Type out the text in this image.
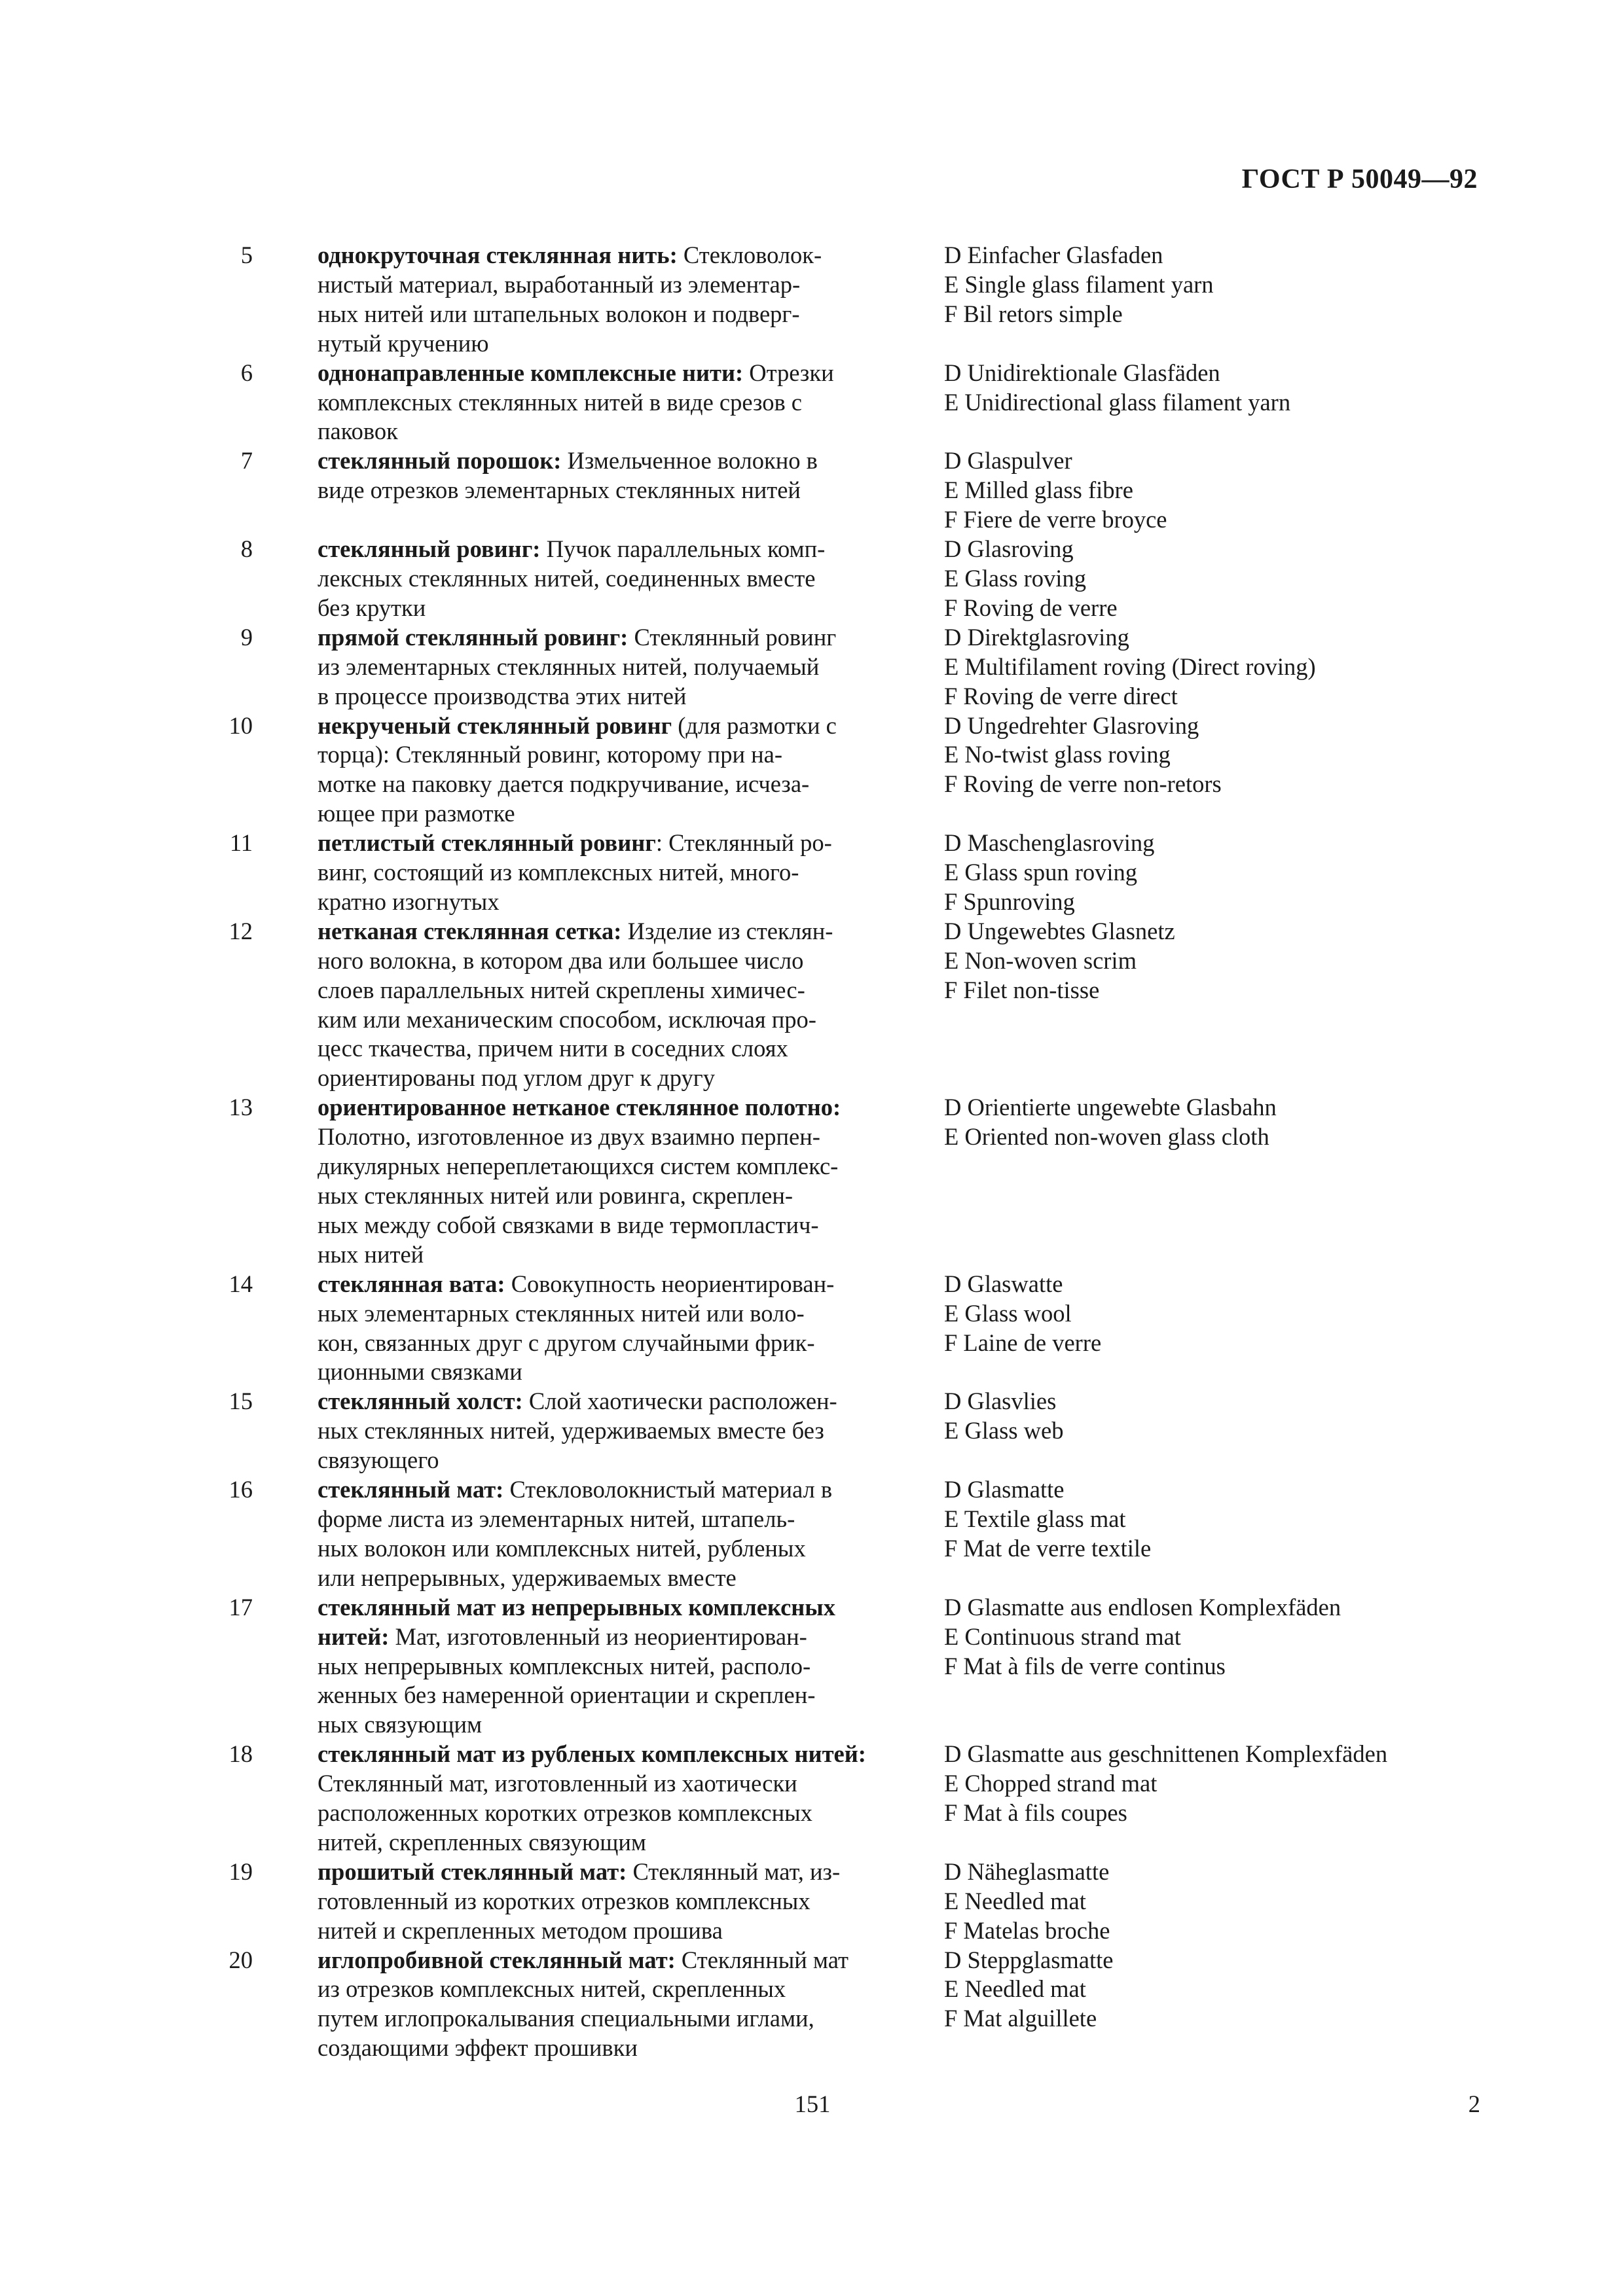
ГОСТ Р 50049—92
5	однокруточная стеклянная нить: Стекловолок-
нистый материал, выработанный из элементар-
ных нитей или штапельных волокон и подверг-
нутый кручению
D Einfacher Glasfaden
E Single glass filament yarn
F Bil retors simple
6	однонаправленные комплексные нити: Отрезки
комплексных стеклянных нитей в виде срезов с
паковок
D Unidirektionale Glasfäden
E Unidirectional glass filament yarn
7	стеклянный порошок: Измельченное волокно в
виде отрезков элементарных стеклянных нитей
D Glaspulver
E Milled glass fibre
F Fiere de verre broyce
8	стеклянный ровинг: Пучок параллельных комп-
лексных стеклянных нитей, соединенных вместе
без крутки
D Glasroving
E Glass roving
F Roving de verre
9	прямой стеклянный ровинг: Стеклянный ровинг
из элементарных стеклянных нитей, получаемый
в процессе производства этих нитей
D Direktglasroving
E Multifilament roving (Direct roving)
F Roving de verre direct
10	некрученый стеклянный ровинг (для размотки с
торца): Стеклянный ровинг, которому при на-
мотке на паковку дается подкручивание, исчеза-
ющее при размотке
D Ungedrehter Glasroving
E No-twist glass roving
F Roving de verre non-retors
11	петлистый стеклянный ровинг: Стеклянный ро-
винг, состоящий из комплексных нитей, много-
кратно изогнутых
D Maschenglasroving
E Glass spun roving
F Spunroving
12	нетканая стеклянная сетка: Изделие из стеклян-
ного волокна, в котором два или большее число
слоев параллельных нитей скреплены химичес-
ким или механическим способом, исключая про-
цесс ткачества, причем нити в соседних слоях
ориентированы под углом друг к другу
D Ungewebtes Glasnetz
E Non-woven scrim
F Filet non-tisse
13	ориентированное нетканое стеклянное полотно:
Полотно, изготовленное из двух взаимно перпен-
дикулярных непереплетающихся систем комплекс-
ных стеклянных нитей или ровинга, скреплен-
ных между собой связками в виде термопластич-
ных нитей
D Orientierte ungewebte Glasbahn
E Oriented non-woven glass cloth
14	стеклянная вата: Совокупность неориентирован-
ных элементарных стеклянных нитей или воло-
кон, связанных друг с другом случайными фрик-
ционными связками
D Glaswatte
E Glass wool
F Laine de verre
15	стеклянный холст: Слой хаотически расположен-
ных стеклянных нитей, удерживаемых вместе без
связующего
D Glasvlies
E Glass web
16	стеклянный мат: Стекловолокнистый материал в
форме листа из элементарных нитей, штапель-
ных волокон или комплексных нитей, рубленых
или непрерывных, удерживаемых вместе
D Glasmatte
E Textile glass mat
F Mat de verre textile
17	стеклянный мат из непрерывных комплексных
нитей: Мат, изготовленный из неориентирован-
ных непрерывных комплексных нитей, располо-
женных без намеренной ориентации и скреплен-
ных связующим
D Glasmatte aus endlosen Komplexfäden
E Continuous strand mat
F Mat à fils de verre continus
18	стеклянный мат из рубленых комплексных нитей:
Стеклянный мат, изготовленный из хаотически
расположенных коротких отрезков комплексных
нитей, скрепленных связующим
D Glasmatte aus geschnittenen Komplexfäden
E Chopped strand mat
F Mat à fils coupes
19	прошитый стеклянный мат: Стеклянный мат, из-
готовленный из коротких отрезков комплексных
нитей и скрепленных методом прошива
D Näheglasmatte
E Needled mat
F Matelas broche
20	иглопробивной стеклянный мат: Стеклянный мат
из отрезков комплексных нитей, скрепленных
путем иглопрокалывания специальными иглами,
создающими эффект прошивки
D Steppglasmatte
E Needled mat
F Mat alguillete
151	2
